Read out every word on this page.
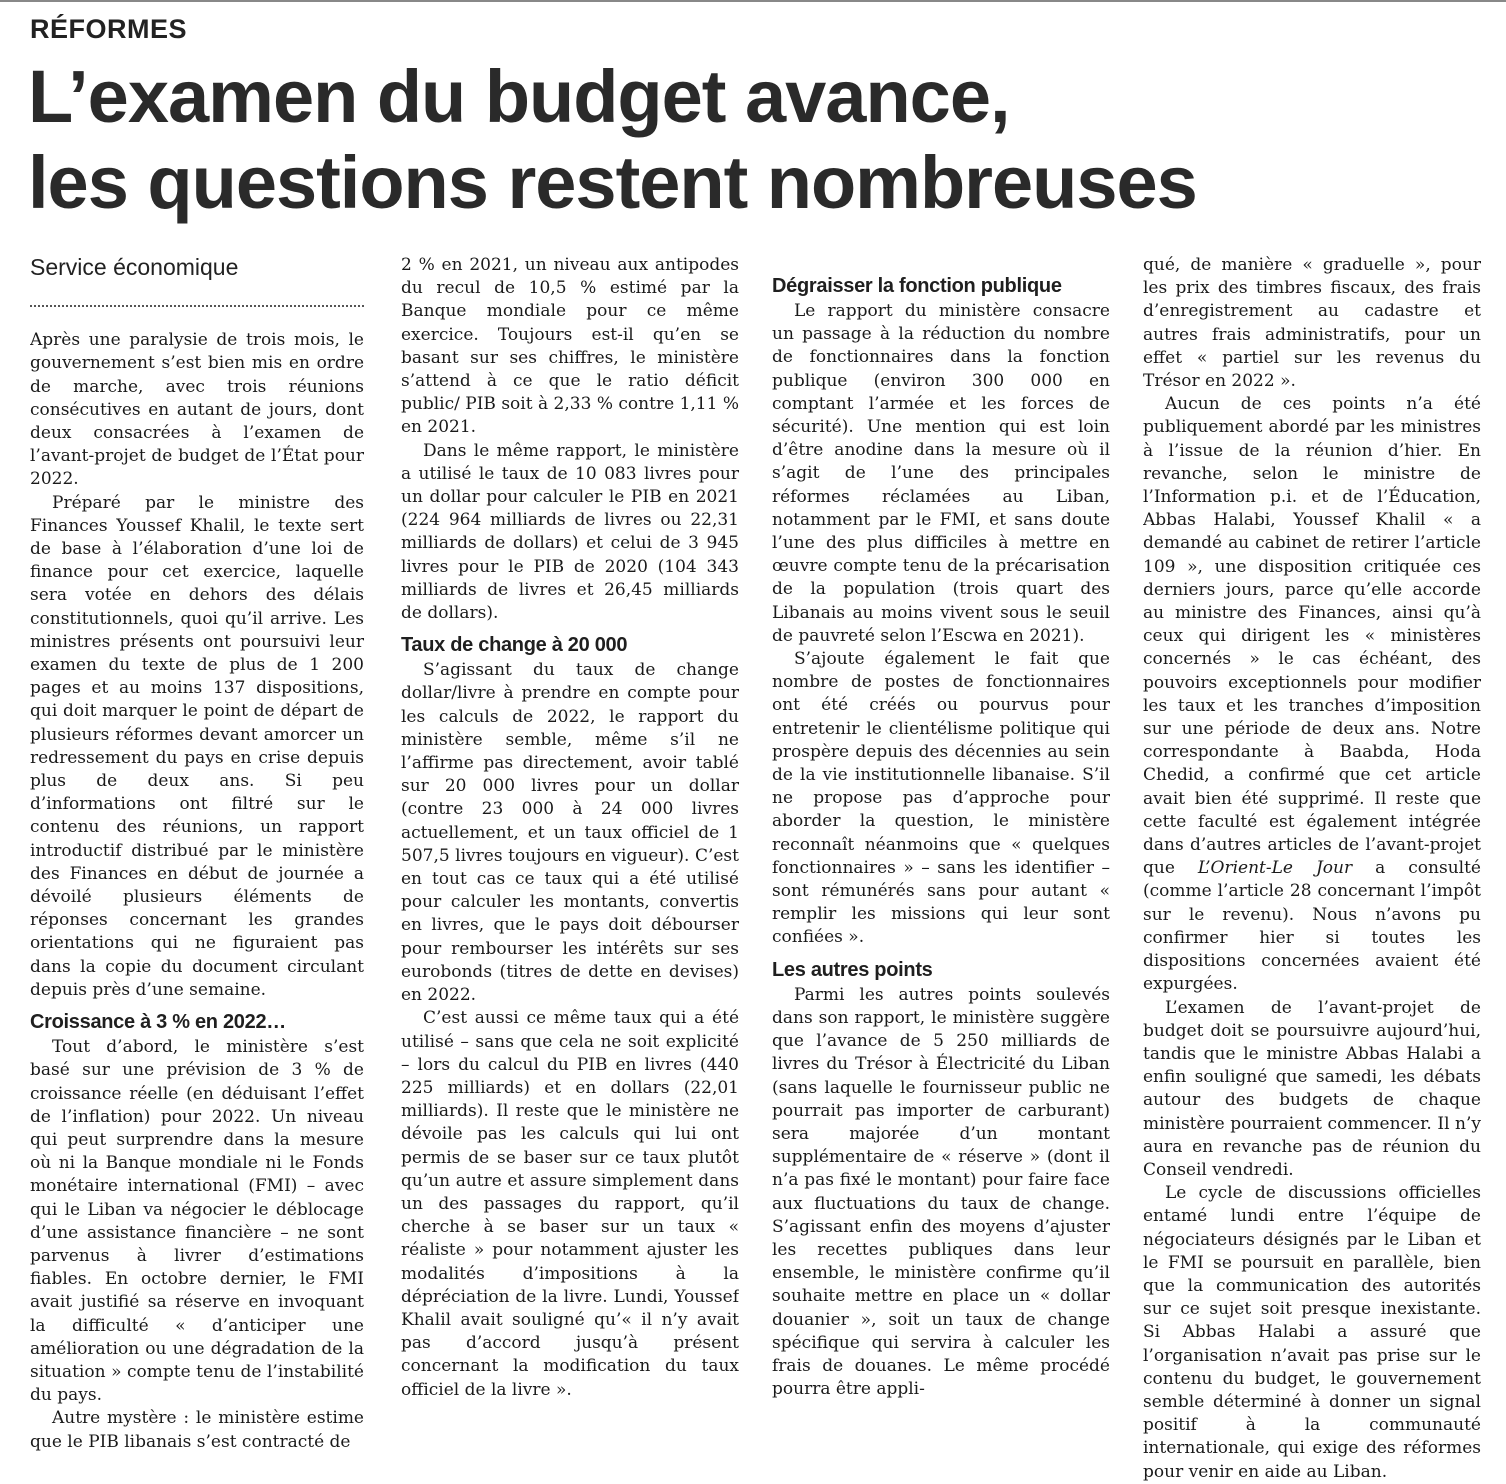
RÉFORMES
L’examen du budget avance,
les questions restent nombreuses
Service économique

Après une paralysie de trois mois, le gouvernement s’est bien mis en ordre de marche, avec trois réunions consécutives en autant de jours, dont deux consacrées à l’examen de l’avant-projet de budget de l’État pour 2022.

Préparé par le ministre des Finances Youssef Khalil, le texte sert de base à l’élaboration d’une loi de finance pour cet exercice, laquelle sera votée en dehors des délais constitutionnels, quoi qu’il arrive. Les ministres présents ont poursuivi leur examen du texte de plus de 1 200 pages et au moins 137 dispositions, qui doit marquer le point de départ de plusieurs réformes devant amorcer un redressement du pays en crise depuis plus de deux ans. Si peu d’informations ont filtré sur le contenu des réunions, un rapport introductif distribué par le ministère des Finances en début de journée a dévoilé plusieurs éléments de réponses concernant les grandes orientations qui ne figuraient pas dans la copie du document circulant depuis près d’une semaine.

Croissance à 3 % en 2022…

Tout d’abord, le ministère s’est basé sur une prévision de 3 % de croissance réelle (en déduisant l’effet de l’inflation) pour 2022. Un niveau qui peut surprendre dans la mesure où ni la Banque mondiale ni le Fonds monétaire international (FMI) – avec qui le Liban va négocier le déblocage d’une assistance financière – ne sont parvenus à livrer d’estimations fiables. En octobre dernier, le FMI avait justifié sa réserve en invoquant la difficulté « d’anticiper une amélioration ou une dégradation de la situation » compte tenu de l’instabilité du pays.

Autre mystère : le ministère estime que le PIB libanais s’est contracté de

2 % en 2021, un niveau aux antipodes du recul de 10,5 % estimé par la Banque mondiale pour ce même exercice. Toujours est-il qu’en se basant sur ses chiffres, le ministère s’attend à ce que le ratio déficit public/ PIB soit à 2,33 % contre 1,11 % en 2021.

Dans le même rapport, le ministère a utilisé le taux de 10 083 livres pour un dollar pour calculer le PIB en 2021 (224 964 milliards de livres ou 22,31 milliards de dollars) et celui de 3 945 livres pour le PIB de 2020 (104 343 milliards de livres et 26,45 milliards de dollars).

Taux de change à 20 000

S’agissant du taux de change dollar/livre à prendre en compte pour les calculs de 2022, le rapport du ministère semble, même s’il ne l’affirme pas directement, avoir tablé sur 20 000 livres pour un dollar (contre 23 000 à 24 000 livres actuellement, et un taux officiel de 1 507,5 livres toujours en vigueur). C’est en tout cas ce taux qui a été utilisé pour calculer les montants, convertis en livres, que le pays doit débourser pour rembourser les intérêts sur ses eurobonds (titres de dette en devises) en 2022.

C’est aussi ce même taux qui a été utilisé – sans que cela ne soit explicité – lors du calcul du PIB en livres (440 225 milliards) et en dollars (22,01 milliards). Il reste que le ministère ne dévoile pas les calculs qui lui ont permis de se baser sur ce taux plutôt qu’un autre et assure simplement dans un des passages du rapport, qu’il cherche à se baser sur un taux « réaliste » pour notamment ajuster les modalités d’impositions à la dépréciation de la livre. Lundi, Youssef Khalil avait souligné qu’« il n’y avait pas d’accord jusqu’à présent concernant la modification du taux officiel de la livre ».

Dégraisser la fonction publique

Le rapport du ministère consacre un passage à la réduction du nombre de fonctionnaires dans la fonction publique (environ 300 000 en comptant l’armée et les forces de sécurité). Une mention qui est loin d’être anodine dans la mesure où il s’agit de l’une des principales réformes réclamées au Liban, notamment par le FMI, et sans doute l’une des plus difficiles à mettre en œuvre compte tenu de la précarisation de la population (trois quart des Libanais au moins vivent sous le seuil de pauvreté selon l’Escwa en 2021).

S’ajoute également le fait que nombre de postes de fonctionnaires ont été créés ou pourvus pour entretenir le clientélisme politique qui prospère depuis des décennies au sein de la vie institutionnelle libanaise. S’il ne propose pas d’approche pour aborder la question, le ministère reconnaît néanmoins que « quelques fonctionnaires » – sans les identifier – sont rémunérés sans pour autant « remplir les missions qui leur sont confiées ».

Les autres points

Parmi les autres points soulevés dans son rapport, le ministère suggère que l’avance de 5 250 milliards de livres du Trésor à Électricité du Liban (sans laquelle le fournisseur public ne pourrait pas importer de carburant) sera majorée d’un montant supplémentaire de « réserve » (dont il n’a pas fixé le montant) pour faire face aux fluctuations du taux de change. S’agissant enfin des moyens d’ajuster les recettes publiques dans leur ensemble, le ministère confirme qu’il souhaite mettre en place un « dollar douanier », soit un taux de change spécifique qui servira à calculer les frais de douanes. Le même procédé pourra être appli-

qué, de manière « graduelle », pour les prix des timbres fiscaux, des frais d’enregistrement au cadastre et autres frais administratifs, pour un effet « partiel sur les revenus du Trésor en 2022 ».

Aucun de ces points n’a été publiquement abordé par les ministres à l’issue de la réunion d’hier. En revanche, selon le ministre de l’Information p.i. et de l’Éducation, Abbas Halabi, Youssef Khalil « a demandé au cabinet de retirer l’article 109 », une disposition critiquée ces derniers jours, parce qu’elle accorde au ministre des Finances, ainsi qu’à ceux qui dirigent les « ministères concernés » le cas échéant, des pouvoirs exceptionnels pour modifier les taux et les tranches d’imposition sur une période de deux ans. Notre correspondante à Baabda, Hoda Chedid, a confirmé que cet article avait bien été supprimé. Il reste que cette faculté est également intégrée dans d’autres articles de l’avant-projet que L’Orient-Le Jour a consulté (comme l’article 28 concernant l’impôt sur le revenu). Nous n’avons pu confirmer hier si toutes les dispositions concernées avaient été expurgées.

L’examen de l’avant-projet de budget doit se poursuivre aujourd’hui, tandis que le ministre Abbas Halabi a enfin souligné que samedi, les débats autour des budgets de chaque ministère pourraient commencer. Il n’y aura en revanche pas de réunion du Conseil vendredi.

Le cycle de discussions officielles entamé lundi entre l’équipe de négociateurs désignés par le Liban et le FMI se poursuit en parallèle, bien que la communication des autorités sur ce sujet soit presque inexistante. Si Abbas Halabi a assuré que l’organisation n’avait pas prise sur le contenu du budget, le gouvernement semble déterminé à donner un signal positif à la communauté internationale, qui exige des réformes pour venir en aide au Liban.
